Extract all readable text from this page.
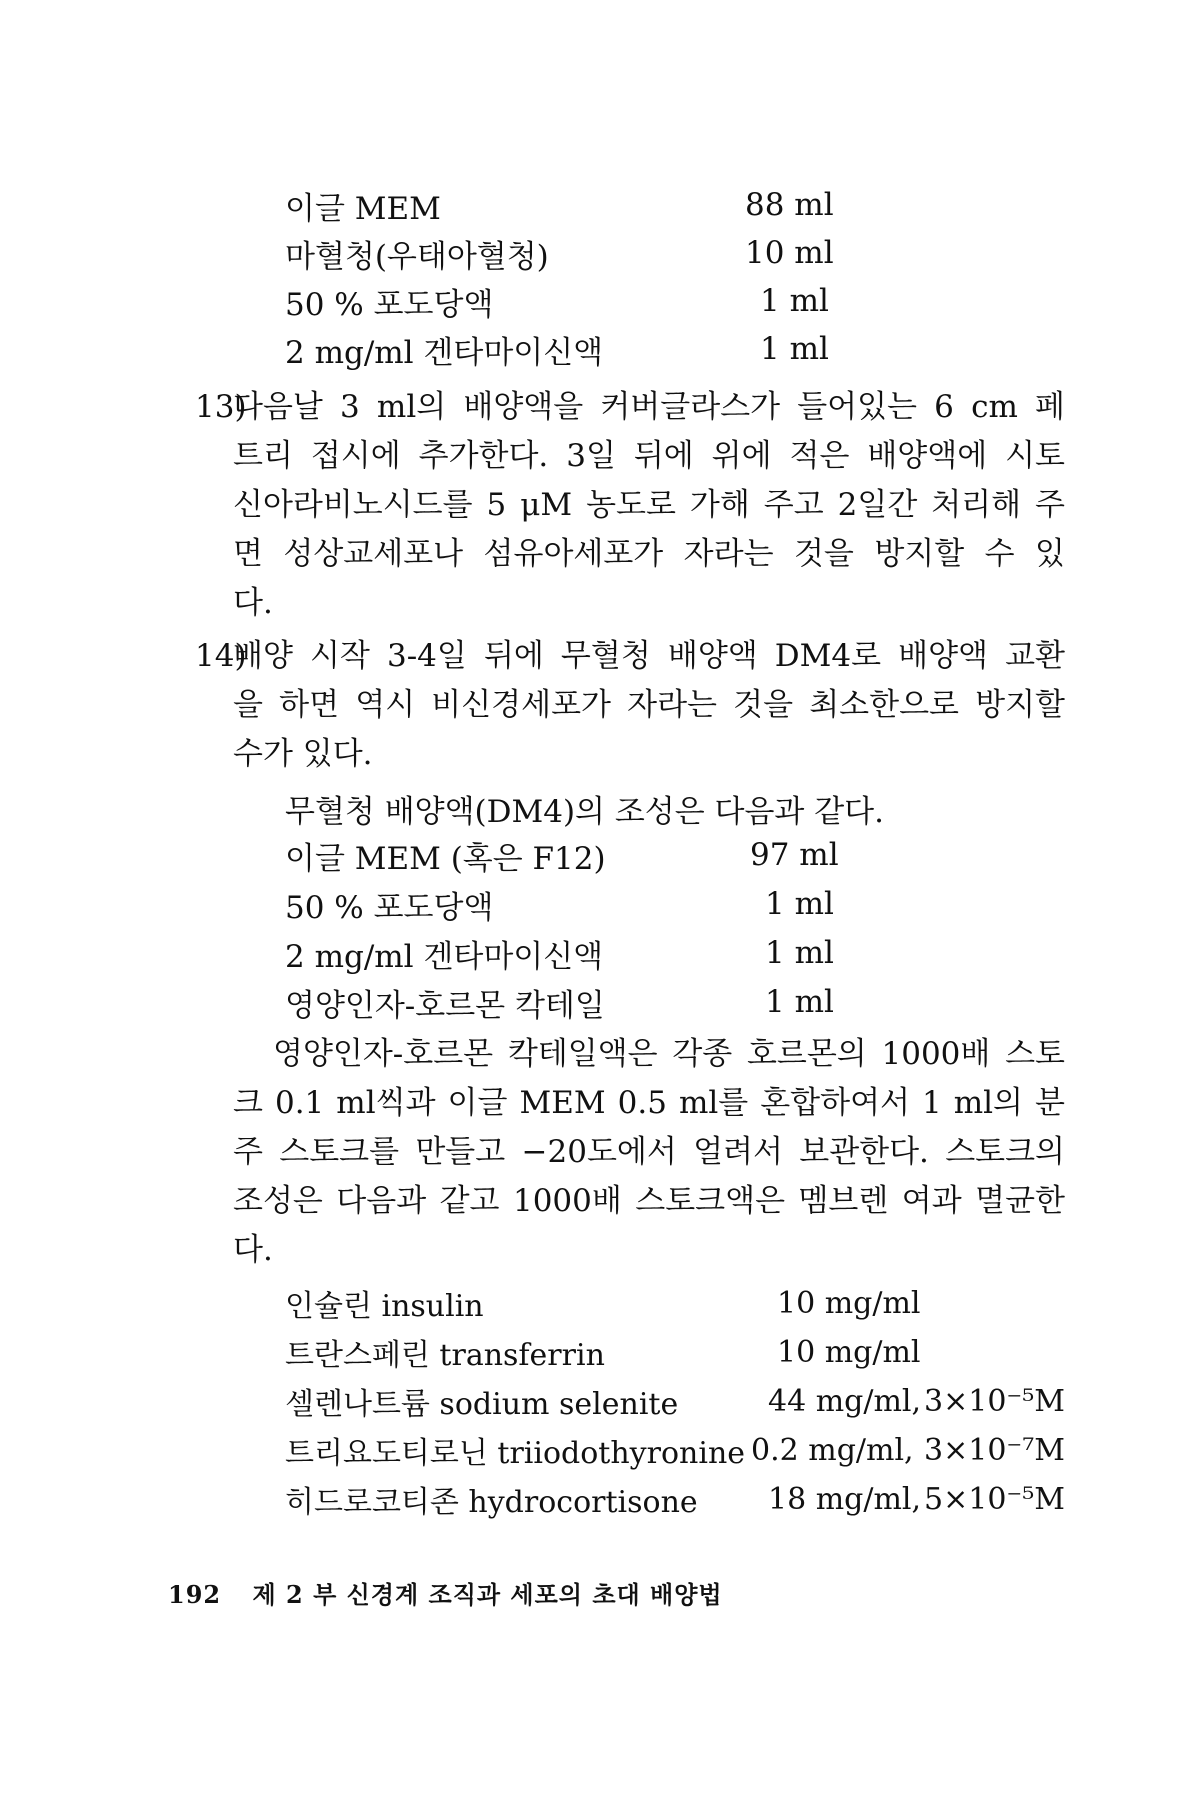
이글 MEM	88 ml
마혈청(우태아혈청)	10 ml
50 % 포도당액	1 ml
2 mg/ml 겐타마이신액	1 ml
13)
다음날 3 ml의 배양액을 커버글라스가 들어있는 6 cm 페
트리 접시에 추가한다. 3일 뒤에 위에 적은 배양액에 시토
신아라비노시드를 5 μM 농도로 가해 주고 2일간 처리해 주
면 성상교세포나 섬유아세포가 자라는 것을 방지할 수 있
다.
14)
배양 시작 3-4일 뒤에 무혈청 배양액 DM4로 배양액 교환
을 하면 역시 비신경세포가 자라는 것을 최소한으로 방지할
수가 있다.
무혈청 배양액(DM4)의 조성은 다음과 같다.
이글 MEM (혹은 F12)	97 ml
50 % 포도당액	1 ml
2 mg/ml 겐타마이신액	1 ml
영양인자-호르몬 칵테일	1 ml
영양인자-호르몬 칵테일액은 각종 호르몬의 1000배 스토
크 0.1 ml씩과 이글 MEM 0.5 ml를 혼합하여서 1 ml의 분
주 스토크를 만들고 −20도에서 얼려서 보관한다. 스토크의
조성은 다음과 같고 1000배 스토크액은 멤브렌 여과 멸균한
다.
인슐린 insulin	10 mg/ml
트란스페린 transferrin	10 mg/ml
셀렌나트륨 sodium selenite	44 mg/ml, 3×10⁻⁵M
트리요도티로닌 triiodothyronine 0.2 mg/ml, 3×10⁻⁷M
히드로코티존 hydrocortisone 18 mg/ml, 5×10⁻⁵M
192 제 2 부 신경계 조직과 세포의 초대 배양법
